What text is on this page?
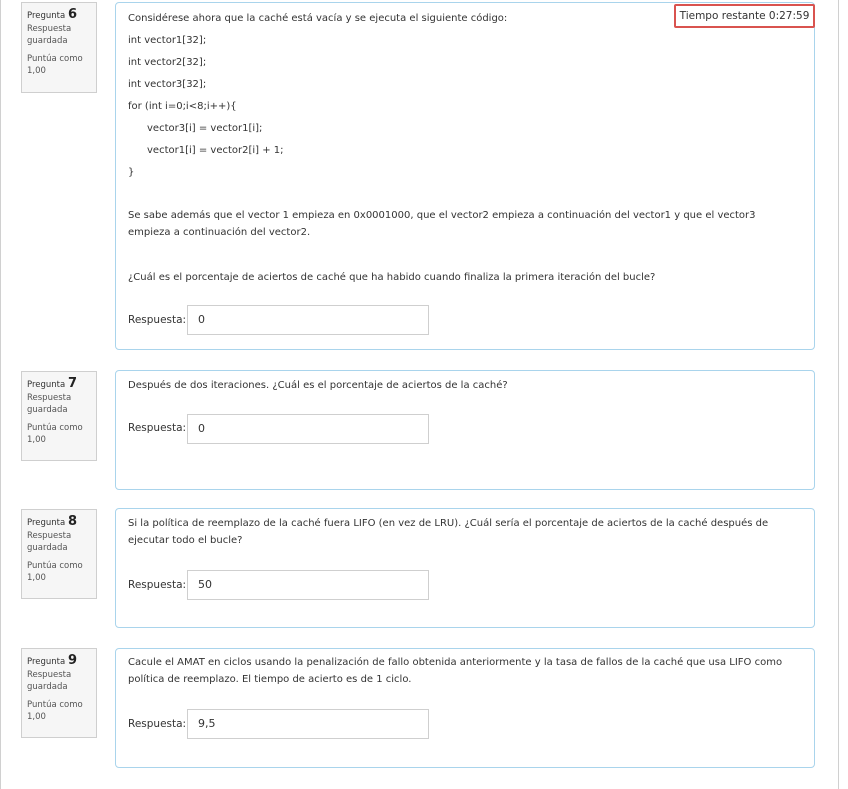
Pregunta 6
Respuesta guardada
Puntúa como 1,00
Considérese ahora que la caché está vacía y se ejecuta el siguiente código:
int vector1[32];
int vector2[32];
int vector3[32];
for (int i=0;i<8;i++){
vector3[i] = vector1[i];
vector1[i] = vector2[i] + 1;
}
Se sabe además que el vector 1 empieza en 0x0001000, que el vector2 empieza a continuación del vector1 y que el vector3 empieza a continuación del vector2.
¿Cuál es el porcentaje de aciertos de caché que ha habido cuando finaliza la primera iteración del bucle?
Respuesta:	0
Pregunta 7
Respuesta guardada
Puntúa como 1,00
Después de dos iteraciones. ¿Cuál es el porcentaje de aciertos de la caché?
Respuesta:	0
Pregunta 8
Respuesta guardada
Puntúa como 1,00
Si la política de reemplazo de la caché fuera LIFO (en vez de LRU). ¿Cuál sería el porcentaje de aciertos de la caché después de ejecutar todo el bucle?
Respuesta:	50
Pregunta 9
Respuesta guardada
Puntúa como 1,00
Cacule el AMAT en ciclos usando la penalización de fallo obtenida anteriormente y la tasa de fallos de la caché que usa LIFO como política de reemplazo. El tiempo de acierto es de 1 ciclo.
Respuesta:	9,5
Tiempo restante 0:27:59
